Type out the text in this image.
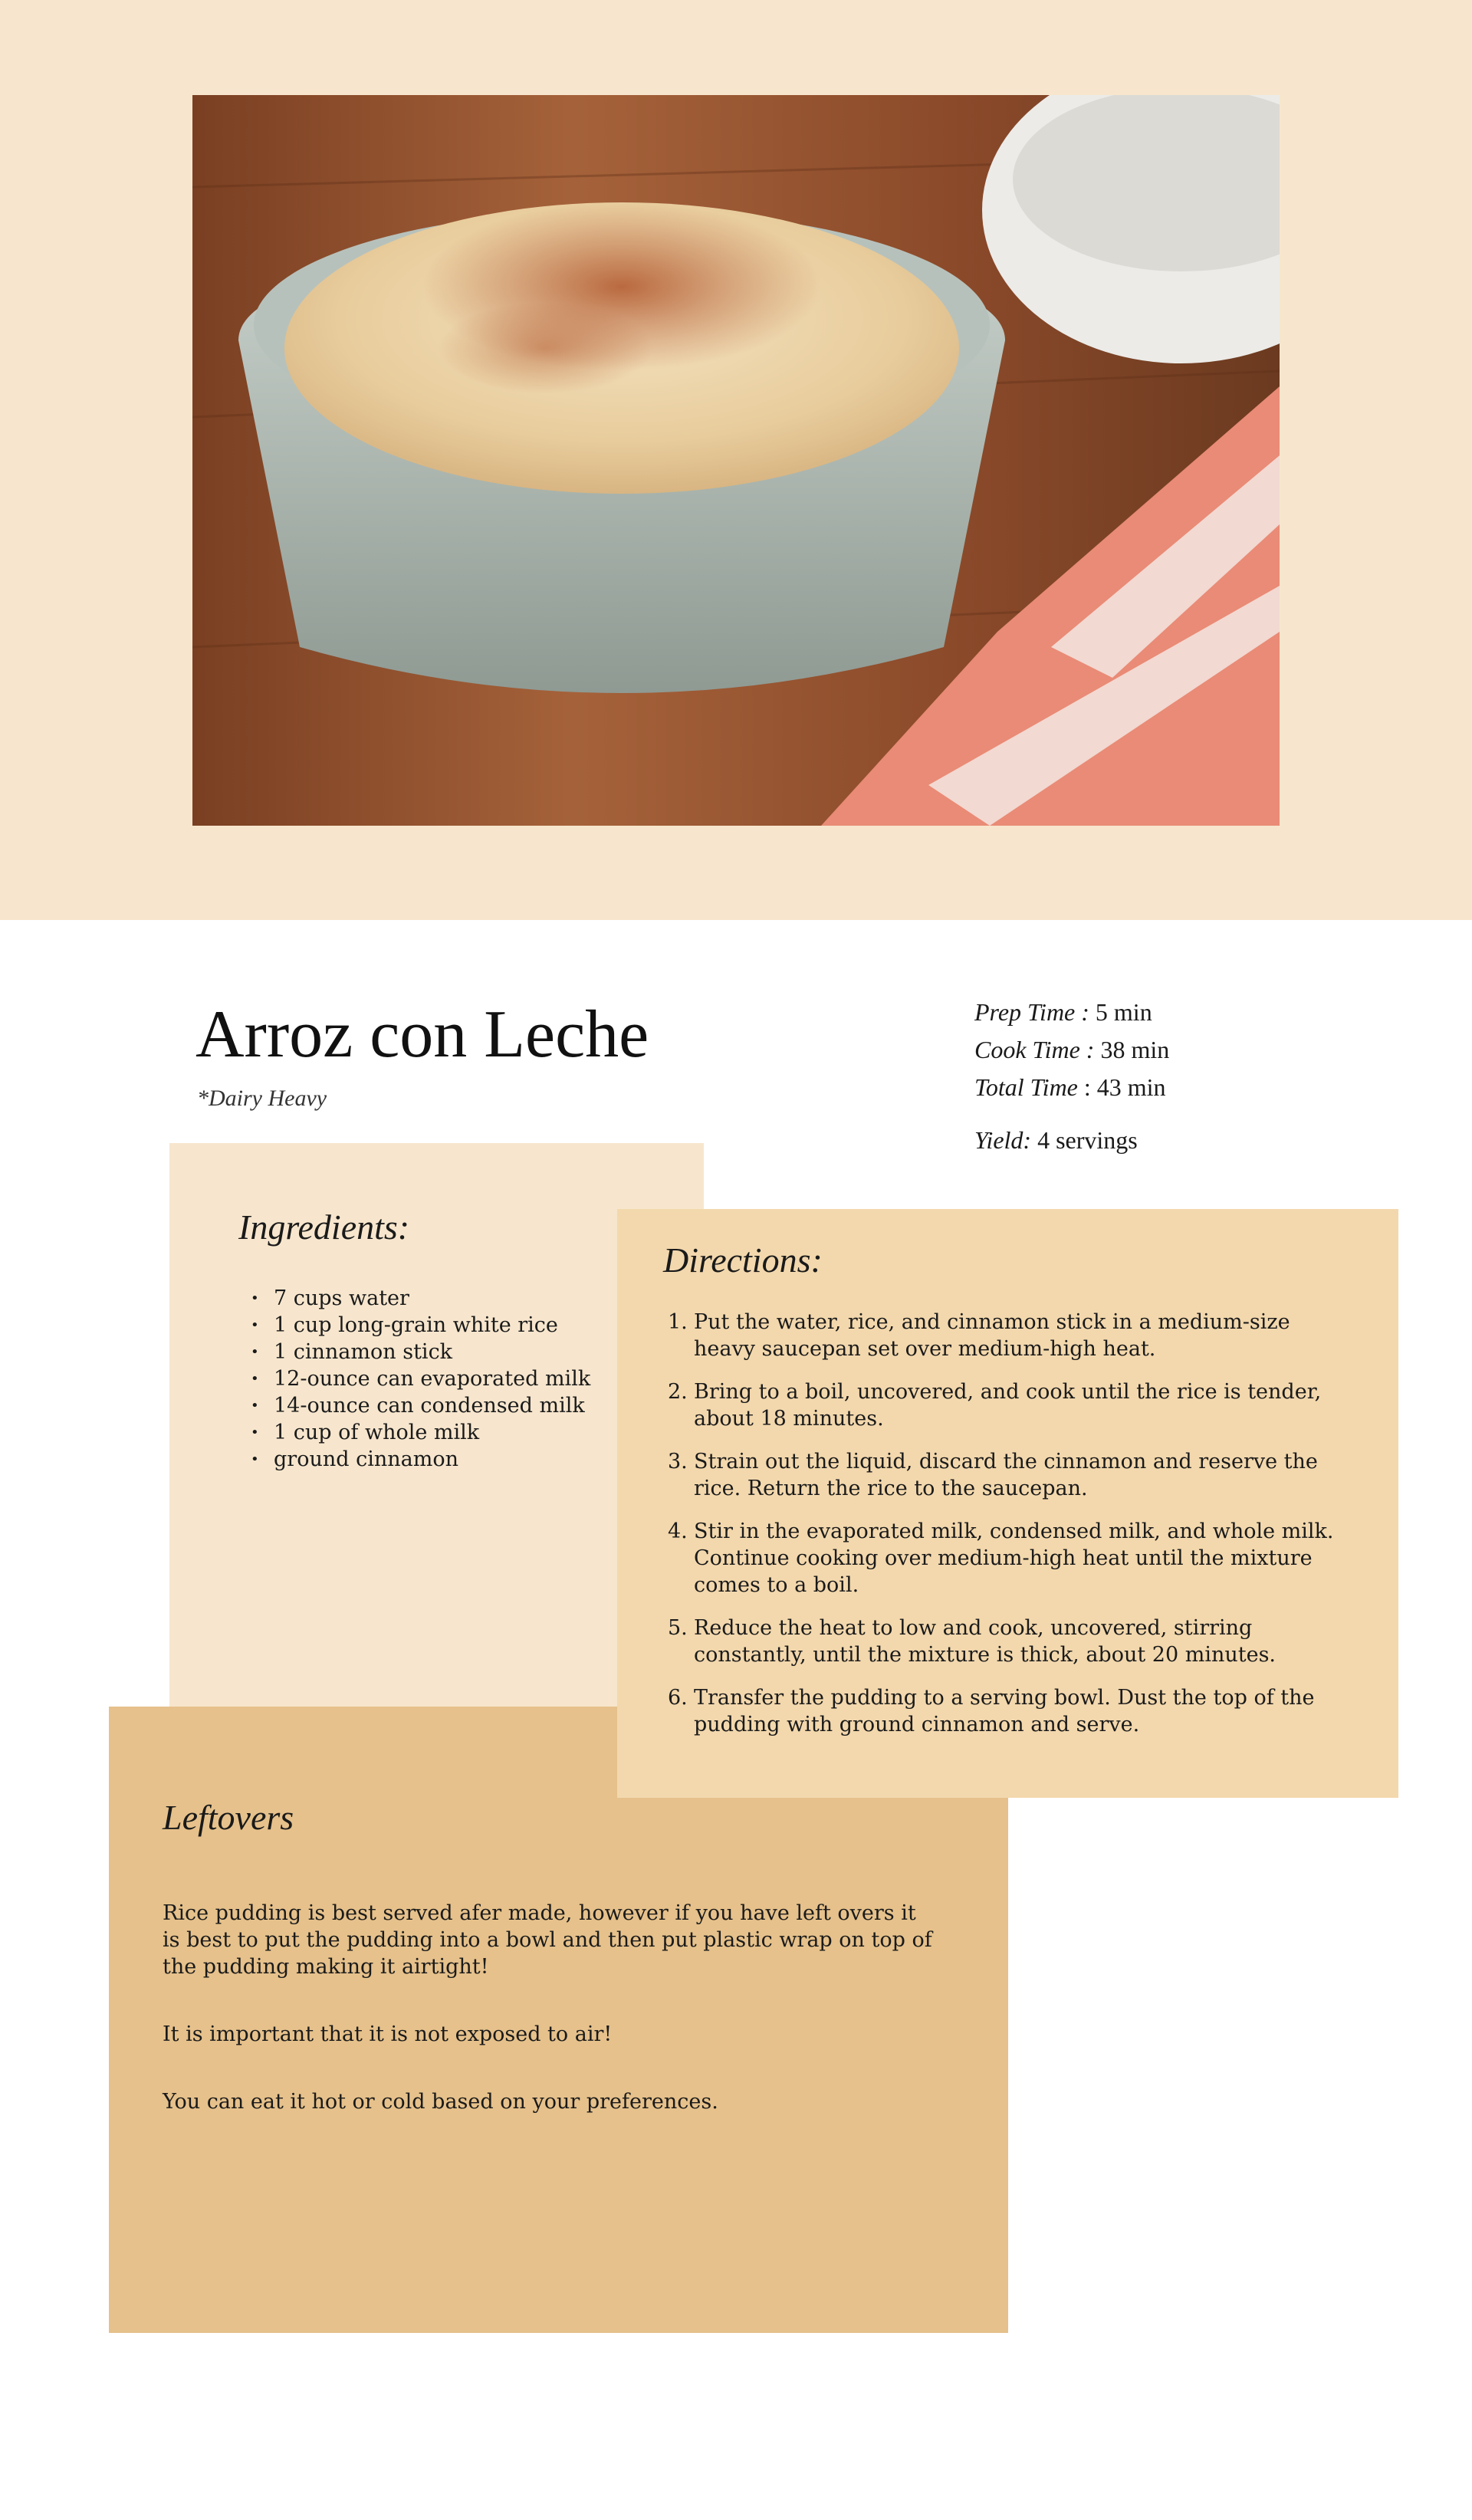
Arroz con Leche
*Dairy Heavy
Prep Time : 5 min
Cook Time : 38 min
Total Time : 43 min
Yield: 4 servings
Ingredients:
• 7 cups water
• 1 cup long-grain white rice
• 1 cinnamon stick
• 12-ounce can evaporated milk
• 14-ounce can condensed milk
• 1 cup of whole milk
• ground cinnamon
Leftovers

Rice pudding is best served afer made, however if you have left overs it is best to put the pudding into a bowl and then put plastic wrap on top of the pudding making it airtight!

It is important that it is not exposed to air!

You can eat it hot or cold based on your preferences.

Directions:
1. Put the water, rice, and cinnamon stick in a medium-size heavy saucepan set over medium-high heat.
2. Bring to a boil, uncovered, and cook until the rice is tender, about 18 minutes.
3. Strain out the liquid, discard the cinnamon and reserve the rice. Return the rice to the saucepan.
4. Stir in the evaporated milk, condensed milk, and whole milk. Continue cooking over medium-high heat until the mixture comes to a boil.
5. Reduce the heat to low and cook, uncovered, stirring constantly, until the mixture is thick, about 20 minutes.
6. Transfer the pudding to a serving bowl. Dust the top of the pudding with ground cinnamon and serve.
